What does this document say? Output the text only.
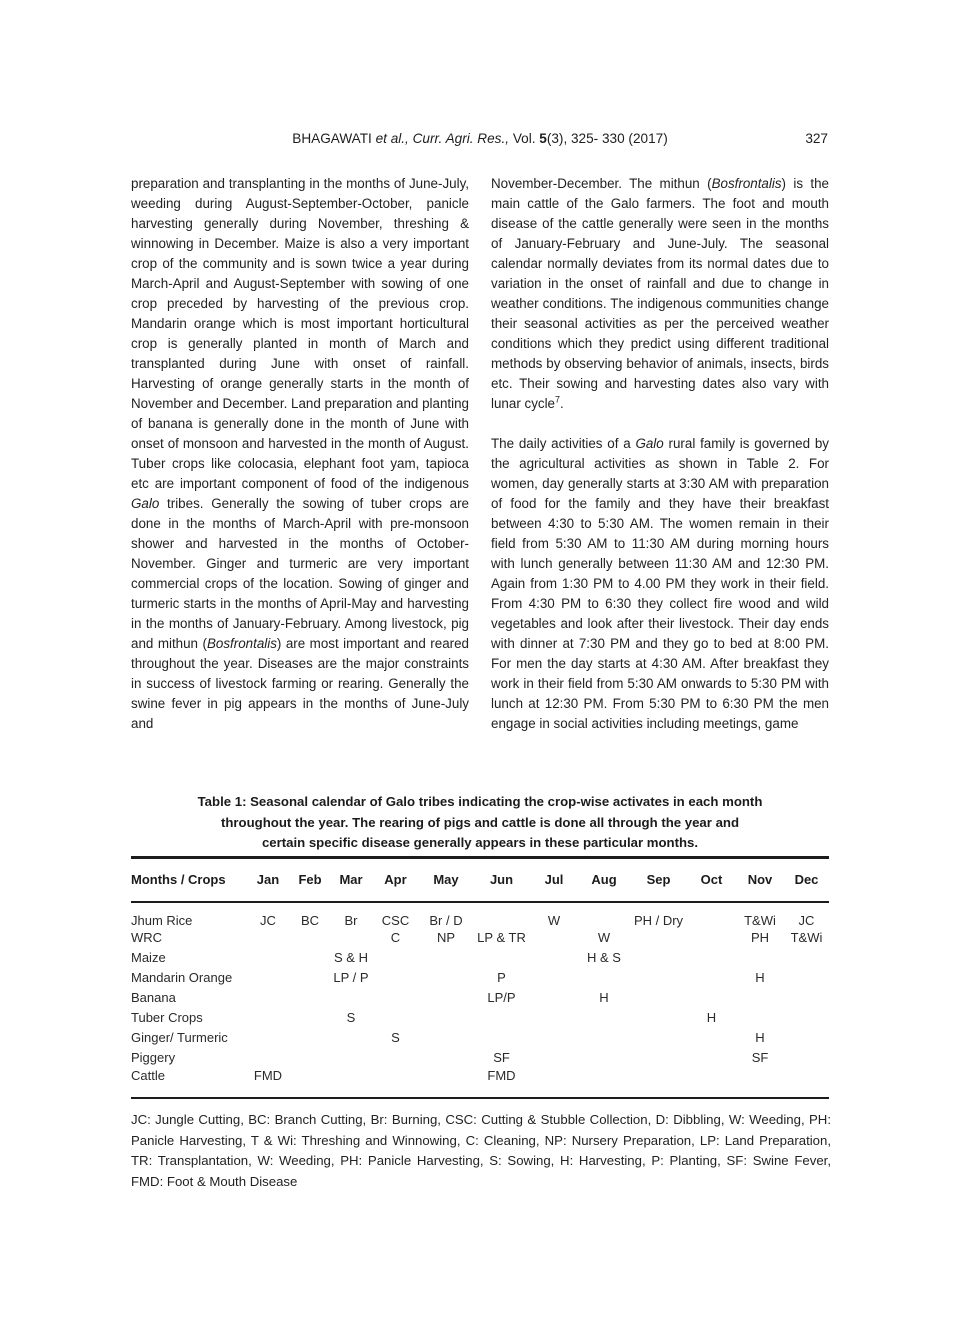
BHAGAWATI et al., Curr. Agri. Res., Vol. 5(3), 325- 330 (2017)	327

preparation and transplanting in the months of June-July, weeding during August-September-October, panicle harvesting generally during November, threshing & winnowing in December. Maize is also a very important crop of the community and is sown twice a year during March-April and August-September with sowing of one crop preceded by harvesting of the previous crop. Mandarin orange which is most important horticultural crop is generally planted in month of March and transplanted during June with onset of rainfall. Harvesting of orange generally starts in the month of November and December. Land preparation and planting of banana is generally done in the month of June with onset of monsoon and harvested in the month of August. Tuber crops like colocasia, elephant foot yam, tapioca etc are important component of food of the indigenous Galo tribes. Generally the sowing of tuber crops are done in the months of March-April with pre-monsoon shower and harvested in the months of October-November. Ginger and turmeric are very important commercial crops of the location. Sowing of ginger and turmeric starts in the months of April-May and harvesting in the months of January-February. Among livestock, pig and mithun (Bosfrontalis) are most important and reared throughout the year. Diseases are the major constraints in success of livestock farming or rearing. Generally the swine fever in pig appears in the months of June-July and

November-December. The mithun (Bosfrontalis) is the main cattle of the Galo farmers. The foot and mouth disease of the cattle generally were seen in the months of January-February and June-July. The seasonal calendar normally deviates from its normal dates due to variation in the onset of rainfall and due to change in weather conditions. The indigenous communities change their seasonal activities as per the perceived weather conditions which they predict using different traditional methods by observing behavior of animals, insects, birds etc. Their sowing and harvesting dates also vary with lunar cycle$^7$.

The daily activities of a Galo rural family is governed by the agricultural activities as shown in Table 2. For women, day generally starts at 3:30 AM with preparation of food for the family and they have their breakfast between 4:30 to 5:30 AM. The women remain in their field from 5:30 AM to 11:30 AM during morning hours with lunch generally between 11:30 AM and 12:30 PM. Again from 1:30 PM to 4.00 PM they work in their field. From 4:30 PM to 6:30 they collect fire wood and wild vegetables and look after their livestock. Their day ends with dinner at 7:30 PM and they go to bed at 8:00 PM. For men the day starts at 4:30 AM. After breakfast they work in their field from 5:30 AM onwards to 5:30 PM with lunch at 12:30 PM. From 5:30 PM to 6:30 PM the men engage in social activities including meetings, game

Table 1: Seasonal calendar of Galo tribes indicating the crop-wise activates in each month
throughout the year. The rearing of pigs and cattle is done all through the year and
certain specific disease generally appears in these particular months.
Months / Crops	Jan	Feb	Mar	Apr	May	Jun	Jul	Aug	Sep	Oct	Nov	Dec
Jhum Rice	JC	BC	Br	CSC	Br / D		W		PH / Dry		T&Wi	JC
WRC				C	NP	LP & TR		W			PH	T&Wi
Maize			S & H					H & S				
Mandarin Orange			LP / P			P					H	
Banana						LP/P		H				
Tuber Crops			S							H		
Ginger/ Turmeric				S							H	
Piggery						SF					SF	
Cattle	FMD					FMD						
JC: Jungle Cutting, BC: Branch Cutting, Br: Burning, CSC: Cutting & Stubble Collection, D: Dibbling, W: Weeding, PH: Panicle Harvesting, T & Wi: Threshing and Winnowing, C: Cleaning, NP: Nursery Preparation, LP: Land Preparation, TR: Transplantation, W: Weeding, PH: Panicle Harvesting, S: Sowing, H: Harvesting, P: Planting, SF: Swine Fever, FMD: Foot & Mouth Disease
